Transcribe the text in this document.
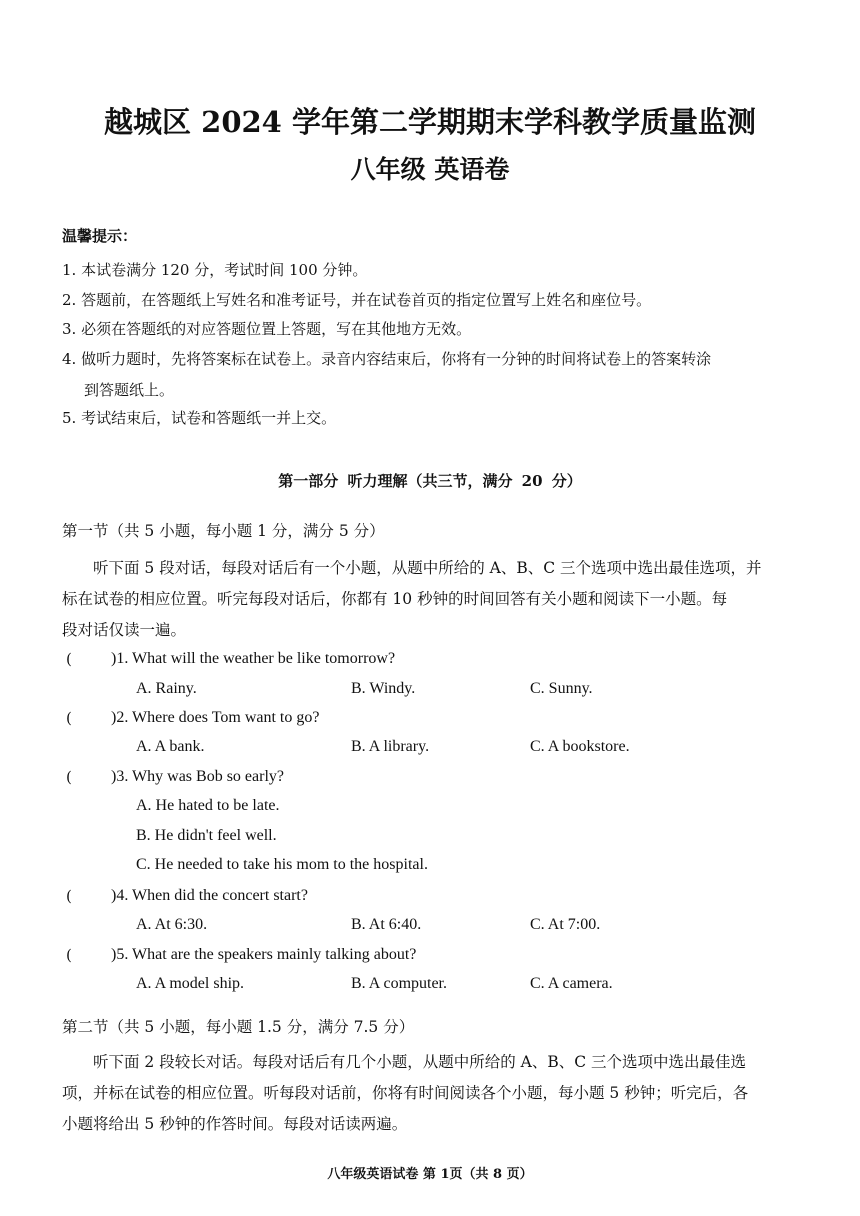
越城区 2024 学年第二学期期末学科教学质量监测
八年级 英语卷
温馨提示：
1. 本试卷满分 120 分，考试时间 100 分钟。
2. 答题前，在答题纸上写姓名和准考证号，并在试卷首页的指定位置写上姓名和座位号。
3. 必须在答题纸的对应答题位置上答题，写在其他地方无效。
4. 做听力题时，先将答案标在试卷上。录音内容结束后，你将有一分钟的时间将试卷上的答案转涂
到答题纸上。
5. 考试结束后，试卷和答题纸一并上交。
第一部分 听力理解（共三节，满分 20 分）
第一节（共 5 小题，每小题 1 分，满分 5 分）
听下面 5 段对话，每段对话后有一个小题，从题中所给的 A、B、C 三个选项中选出最佳选项，并
标在试卷的相应位置。听完每段对话后，你都有 10 秒钟的时间回答有关小题和阅读下一小题。每
段对话仅读一遍。
( )1. What will the weather be like tomorrow?
A. Rainy.	B. Windy.	C. Sunny.
( )2. Where does Tom want to go?
A. A bank.	B. A library.	C. A bookstore.
( )3. Why was Bob so early?
A. He hated to be late.
B. He didn't feel well.
C. He needed to take his mom to the hospital.
( )4. When did the concert start?
A. At 6:30.	B. At 6:40.	C. At 7:00.
( )5. What are the speakers mainly talking about?
A. A model ship.	B. A computer.	C. A camera.
第二节（共 5 小题，每小题 1.5 分，满分 7.5 分）
听下面 2 段较长对话。每段对话后有几个小题，从题中所给的 A、B、C 三个选项中选出最佳选
项，并标在试卷的相应位置。听每段对话前，你将有时间阅读各个小题，每小题 5 秒钟；听完后，各
小题将给出 5 秒钟的作答时间。每段对话读两遍。
八年级英语试卷 第 1页（共 8 页）
